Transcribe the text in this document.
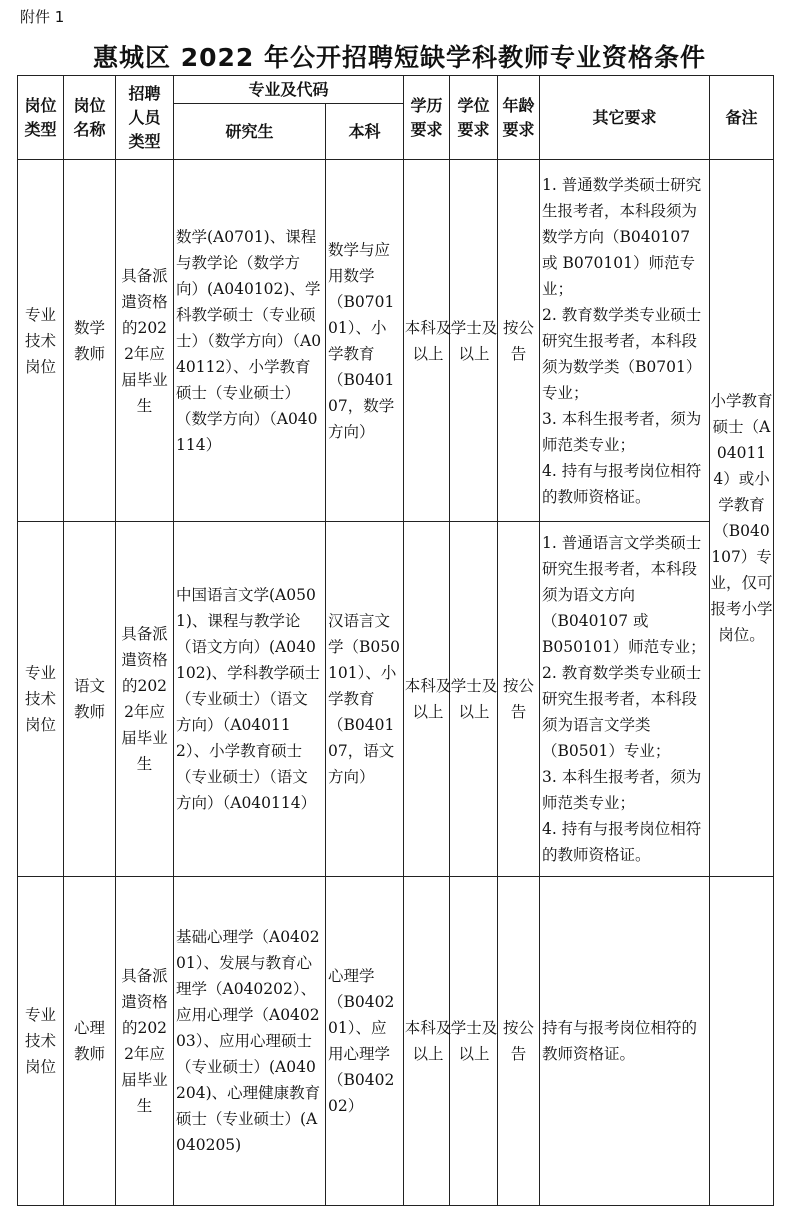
附件 1
惠城区 2022 年公开招聘短缺学科教师专业资格条件
岗位类型	岗位名称	招聘人员类型	专业及代码		学历要求	学位要求	年龄要求	其它要求	备注
			研究生	本科					

专业技术岗位	数学教师	具备派遣资格的2022年应届毕业生	数学(A0701)、课程与教学论（数学方向）(A040102)、学科教学硕士（专业硕士）（数学方向）（A040112）、小学教育硕士（专业硕士）（数学方向）（A040114）	数学与应用数学（B070101）、小学教育（B040107，数学方向）	本科及以上	学士及以上	按公告	1. 普通数学类硕士研究生报考者，本科段须为数学方向（B040107 或 B070101）师范专业；
2. 教育数学类专业硕士研究生报考者，本科段须为数学类（B0701）专业；
3. 本科生报考者，须为师范类专业；
4. 持有与报考岗位相符的教师资格证。	小学教育硕士（A040114）或小学教育（B040107）专业，仅可报考小学岗位。

专业技术岗位	语文教师	具备派遣资格的2022年应届毕业生	中国语言文学(A0501)、课程与教学论（语文方向）(A040102)、学科教学硕士（专业硕士）（语文方向）（A040112）、小学教育硕士（专业硕士）（语文方向）（A040114）	汉语言文学（B050101）、小学教育（B040107，语文方向）	本科及以上	学士及以上	按公告	1. 普通语言文学类硕士研究生报考者，本科段须为语文方向（B040107 或 B050101）师范专业；
2. 教育数学类专业硕士研究生报考者，本科段须为语言文学类（B0501）专业；
3. 本科生报考者，须为师范类专业；
4. 持有与报考岗位相符的教师资格证。	

专业技术岗位	心理教师	具备派遣资格的2022年应届毕业生	基础心理学（A040201）、发展与教育心理学（A040202）、应用心理学（A040203）、应用心理硕士（专业硕士）(A040204)、心理健康教育硕士（专业硕士）(A040205)	心理学（B040201）、应用心理学（B040202）	本科及以上	学士及以上	按公告	持有与报考岗位相符的教师资格证。	
